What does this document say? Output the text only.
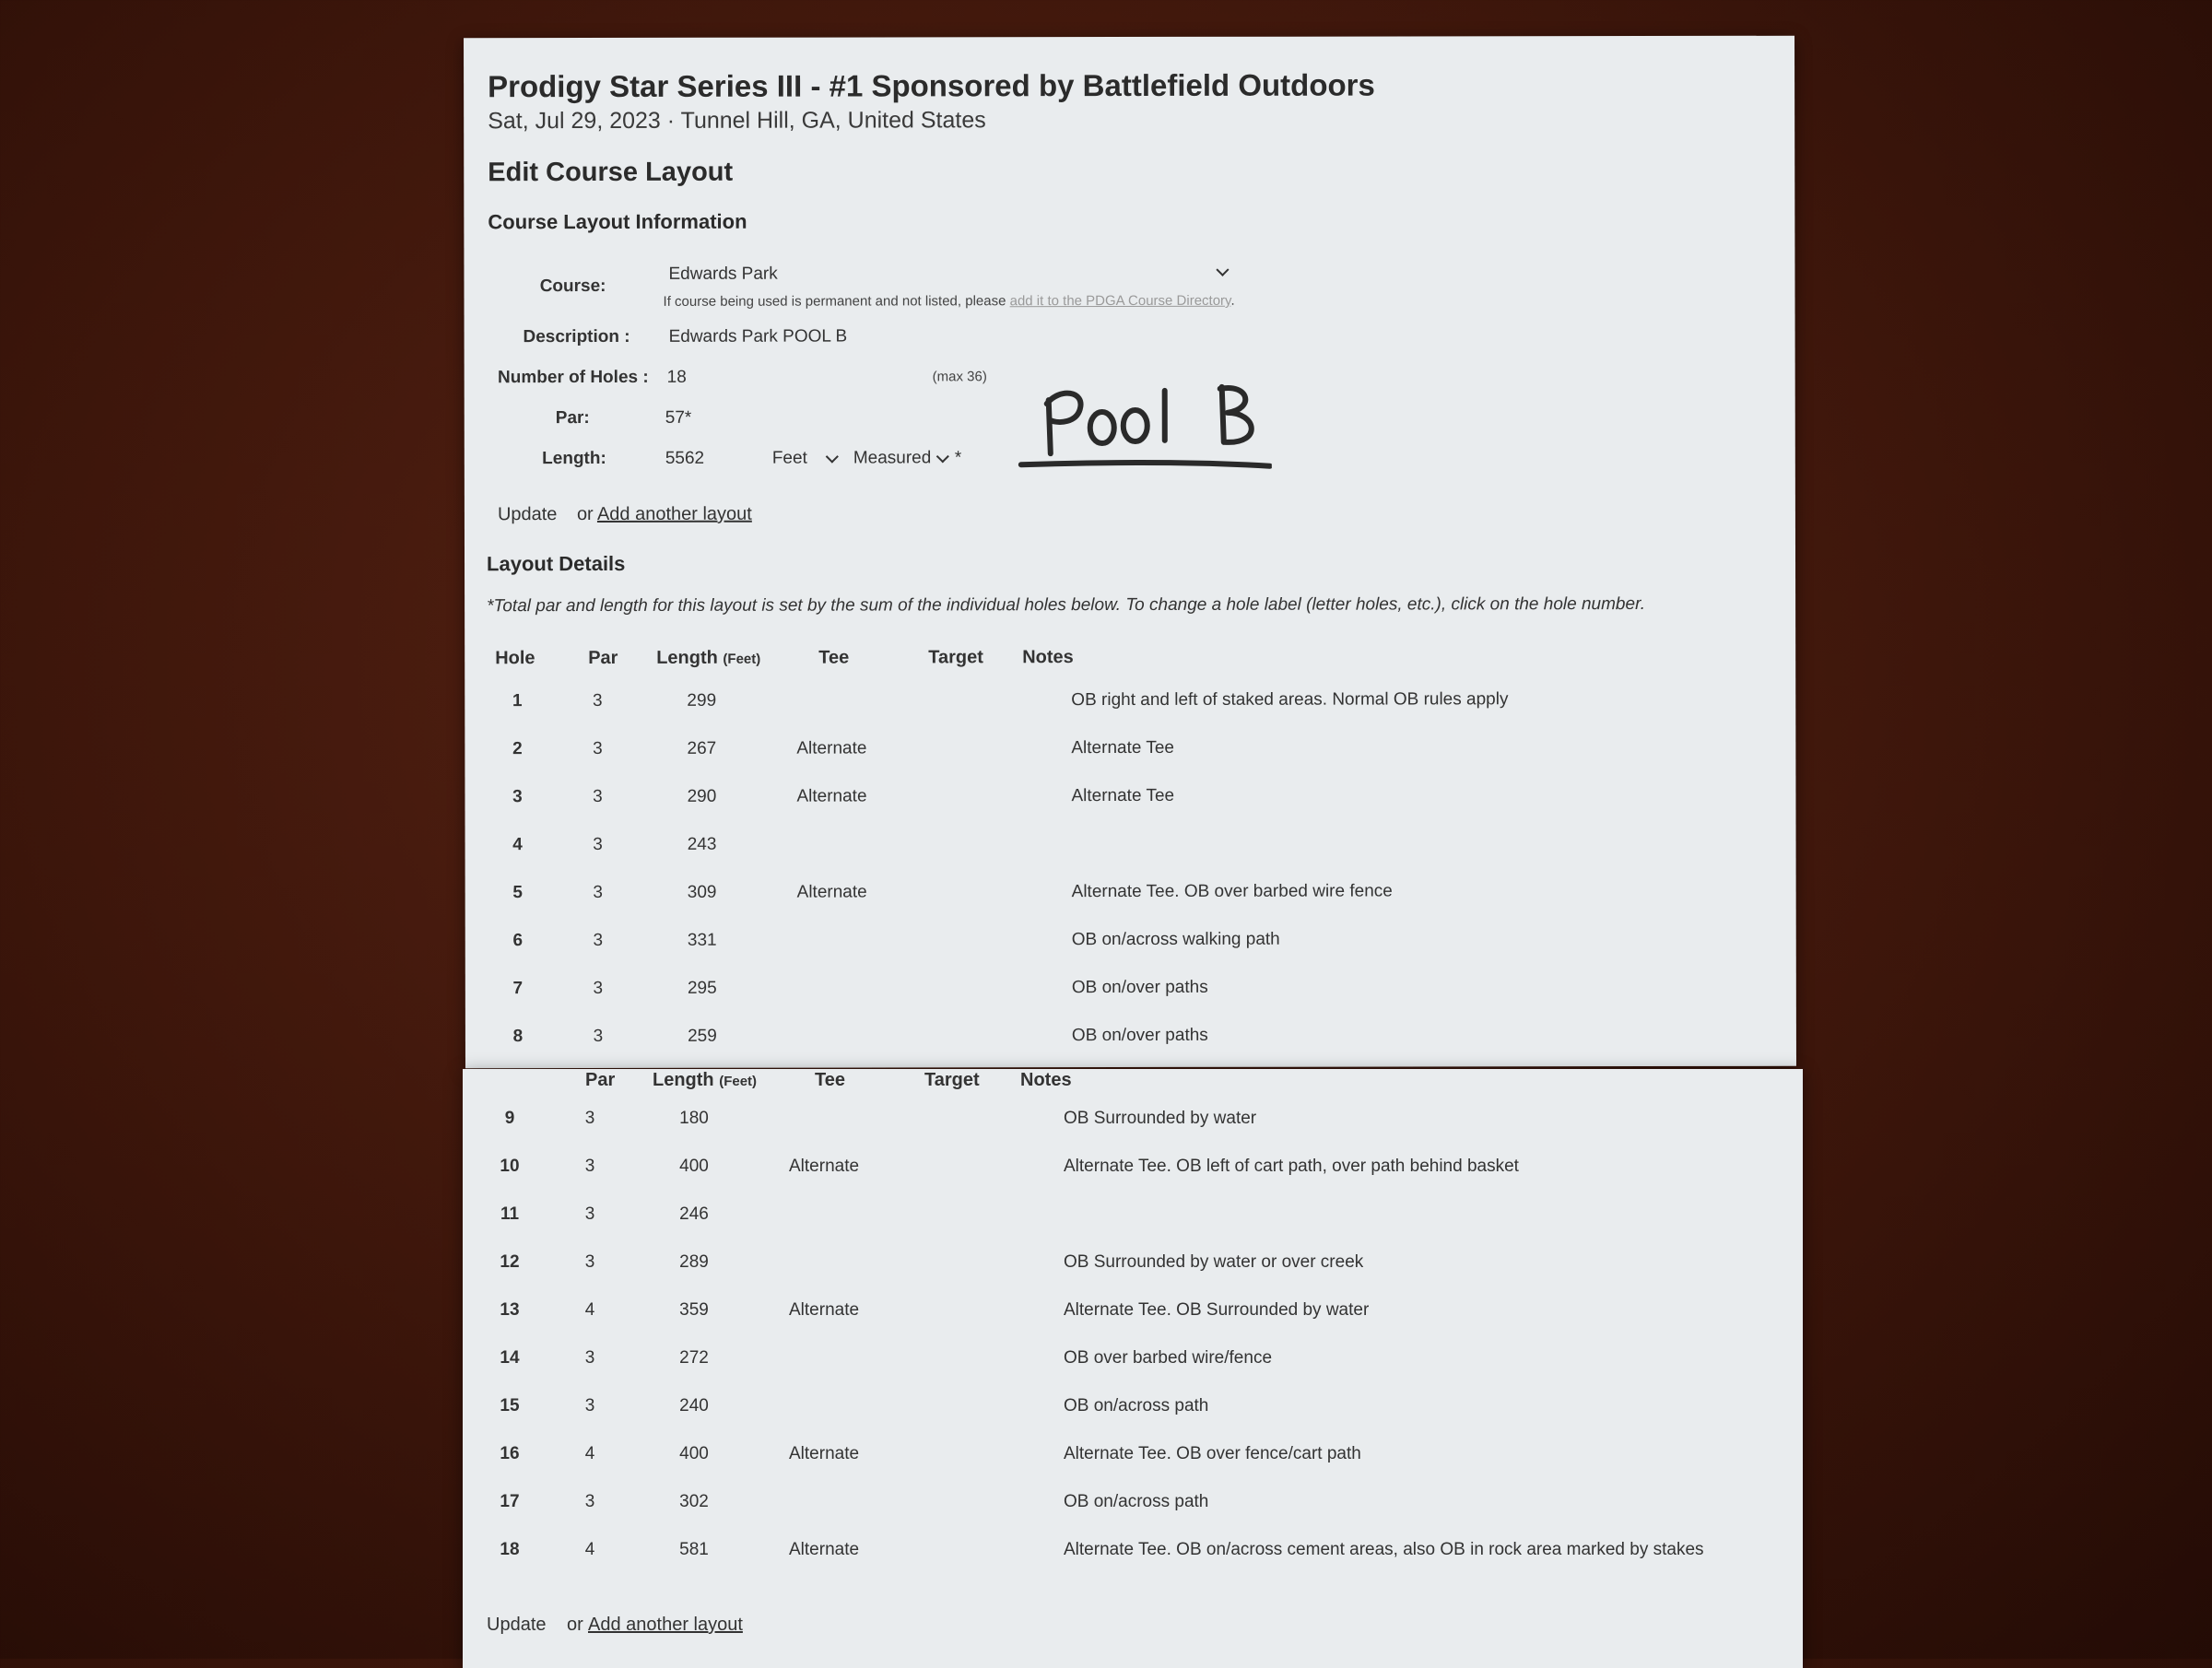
Prodigy Star Series III - #1 Sponsored by Battlefield Outdoors
Sat, Jul 29, 2023 · Tunnel Hill, GA, United States
Edit Course Layout
Course Layout Information
Course:
Edwards Park
If course being used is permanent and not listed, please add it to the PDGA Course Directory.
Description : Edwards Park POOL B
Number of Holes : 18	(max 36)
Par:	57*
Length:	5562	Feet	Measured	*
Update or Add another layout
Layout Details
*Total par and length for this layout is set by the sum of the individual holes below. To change a hole label (letter holes, etc.), click on the hole number.
Hole	Par Length (Feet)	Tee	Target Notes
1	3	299			OB right and left of staked areas. Normal OB rules apply
2	3	267	Alternate		Alternate Tee
3	3	290	Alternate		Alternate Tee
4	3	243			
5	3	309	Alternate		Alternate Tee. OB over barbed wire fence
6	3	331			OB on/across walking path
7	3	295			OB on/over paths
8	3	259			OB on/over paths
Par Length (Feet)	Tee	Target Notes
9	3	180			OB Surrounded by water
10	3	400	Alternate		Alternate Tee. OB left of cart path, over path behind basket
11	3	246			
12	3	289			OB Surrounded by water or over creek
13	4	359	Alternate		Alternate Tee. OB Surrounded by water
14	3	272			OB over barbed wire/fence
15	3	240			OB on/across path
16	4	400	Alternate		Alternate Tee. OB over fence/cart path
17	3	302			OB on/across path
18	4	581	Alternate		Alternate Tee. OB on/across cement areas, also OB in rock area marked by stakes
Update or Add another layout
